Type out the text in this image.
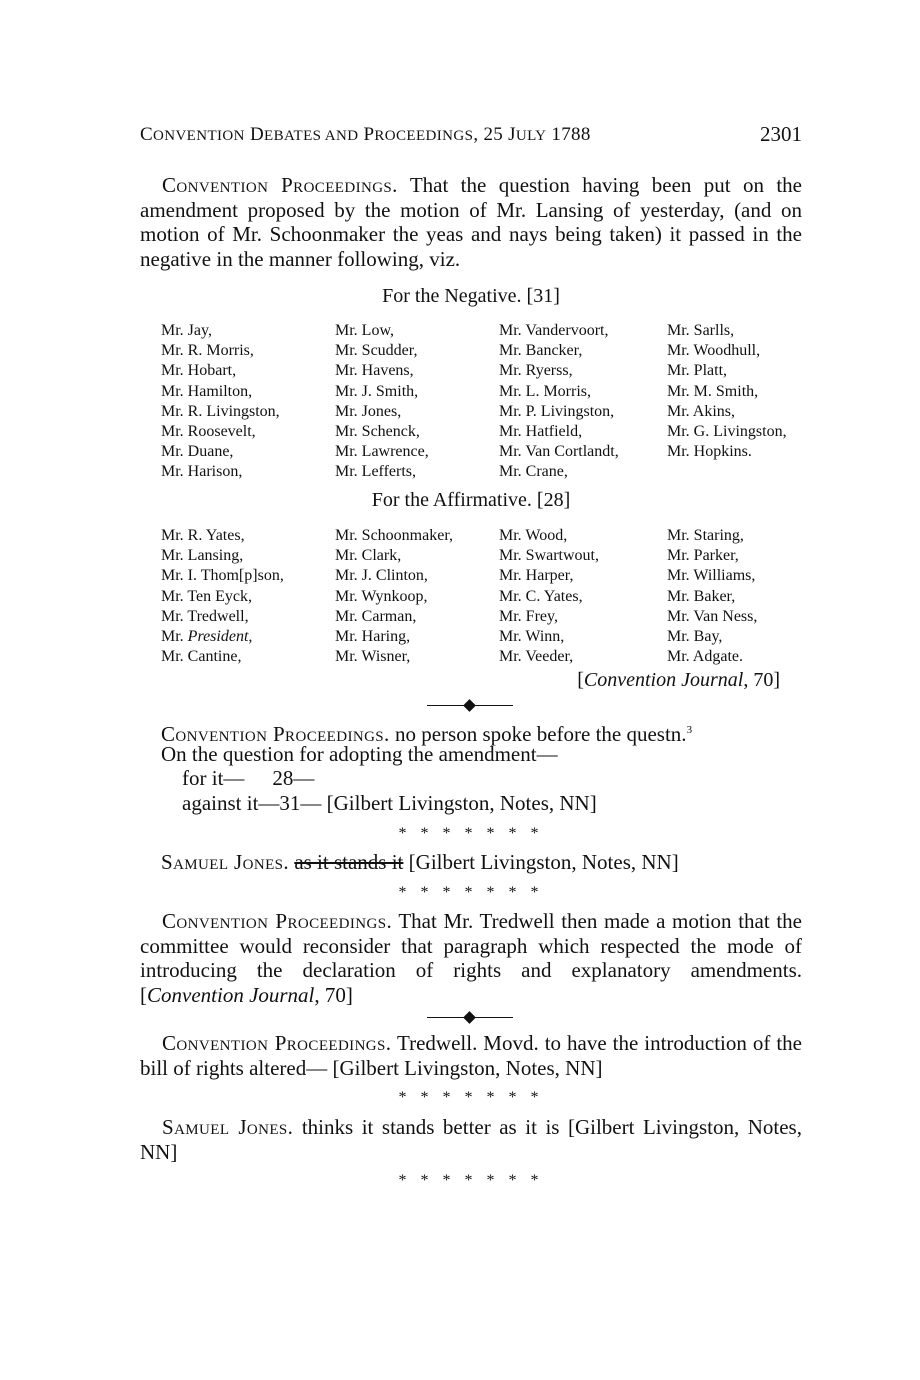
CONVENTION DEBATES AND PROCEEDINGS, 25 JULY 1788	2301
Convention Proceedings. That the question having been put on the amendment proposed by the motion of Mr. Lansing of yesterday, (and on motion of Mr. Schoonmaker the yeas and nays being taken) it passed in the negative in the manner following, viz.
For the Negative. [31]
Mr. Jay,
Mr. R. Morris,
Mr. Hobart,
Mr. Hamilton,
Mr. R. Livingston,
Mr. Roosevelt,
Mr. Duane,
Mr. Harison,
Mr. Low,
Mr. Scudder,
Mr. Havens,
Mr. J. Smith,
Mr. Jones,
Mr. Schenck,
Mr. Lawrence,
Mr. Lefferts,
Mr. Vandervoort,
Mr. Bancker,
Mr. Ryerss,
Mr. L. Morris,
Mr. P. Livingston,
Mr. Hatfield,
Mr. Van Cortlandt,
Mr. Crane,
Mr. Sarlls,
Mr. Woodhull,
Mr. Platt,
Mr. M. Smith,
Mr. Akins,
Mr. G. Livingston,
Mr. Hopkins.
For the Affirmative. [28]
Mr. R. Yates,
Mr. Lansing,
Mr. I. Thom[p]son,
Mr. Ten Eyck,
Mr. Tredwell,
Mr. President,
Mr. Cantine,
Mr. Schoonmaker,
Mr. Clark,
Mr. J. Clinton,
Mr. Wynkoop,
Mr. Carman,
Mr. Haring,
Mr. Wisner,
Mr. Wood,
Mr. Swartwout,
Mr. Harper,
Mr. C. Yates,
Mr. Frey,
Mr. Winn,
Mr. Veeder,
Mr. Staring,
Mr. Parker,
Mr. Williams,
Mr. Baker,
Mr. Van Ness,
Mr. Bay,
Mr. Adgate.
[Convention Journal, 70]
Convention Proceedings. no person spoke before the questn.$^3$
On the question for adopting the amendment—
for it— 28—
against it—31— [Gilbert Livingston, Notes, NN]
* * * * * * *
Samuel Jones. as it stands it [Gilbert Livingston, Notes, NN]
* * * * * * *
Convention Proceedings. That Mr. Tredwell then made a motion that the committee would reconsider that paragraph which respected the mode of introducing the declaration of rights and explanatory amendments. [Convention Journal, 70]
Convention Proceedings. Tredwell. Movd. to have the introduction of the bill of rights altered— [Gilbert Livingston, Notes, NN]
* * * * * * *
Samuel Jones. thinks it stands better as it is [Gilbert Livingston, Notes, NN]
* * * * * * *
